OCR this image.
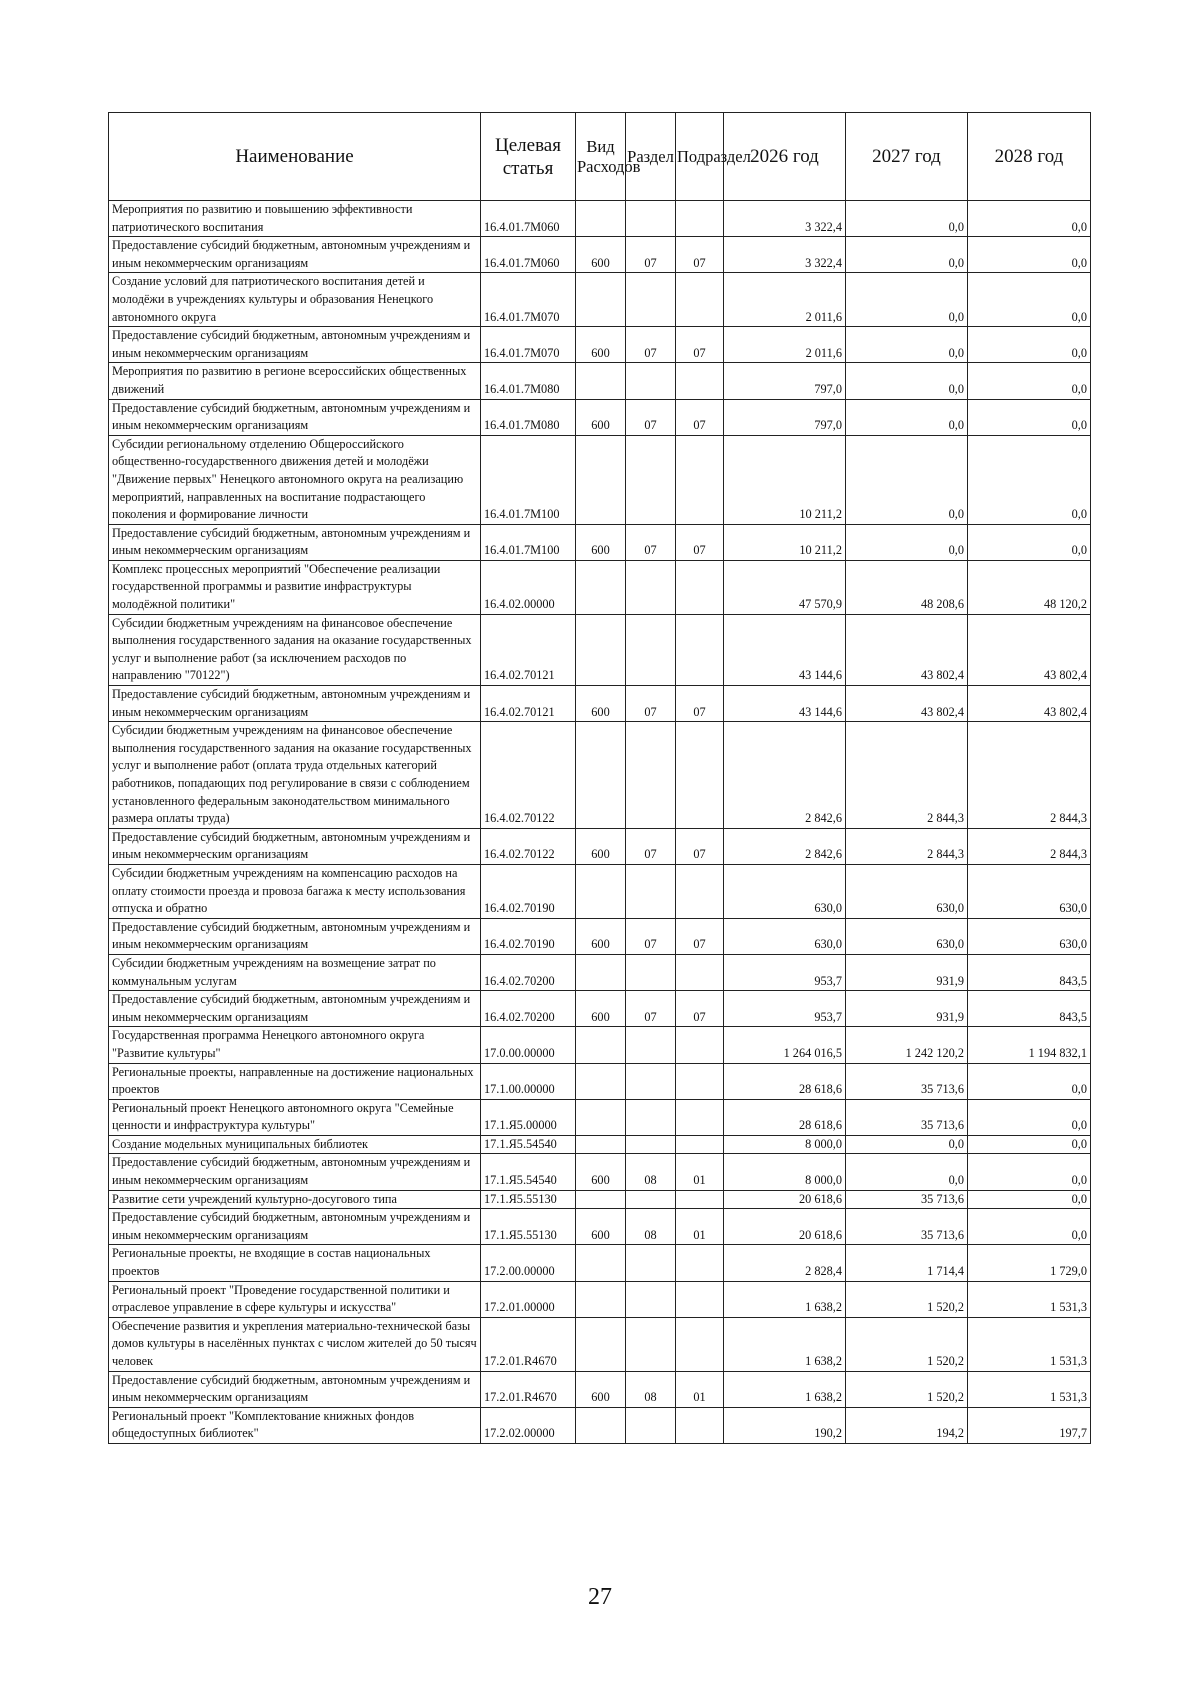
Наименование	Целевая статья	Вид Расходов	Раздел	Подраздел	2026 год	2027 год	2028 год
Мероприятия по развитию и повышению эффективности патриотического воспитания	16.4.01.7М060				3 322,4	0,0	0,0
Предоставление субсидий бюджетным, автономным учреждениям и иным некоммерческим организациям	16.4.01.7М060	600	07	07	3 322,4	0,0	0,0
Создание условий для патриотического воспитания детей и молодёжи в учреждениях культуры и образования Ненецкого автономного округа	16.4.01.7М070				2 011,6	0,0	0,0
Предоставление субсидий бюджетным, автономным учреждениям и иным некоммерческим организациям	16.4.01.7М070	600	07	07	2 011,6	0,0	0,0
Мероприятия по развитию в регионе всероссийских общественных движений	16.4.01.7М080				797,0	0,0	0,0
Предоставление субсидий бюджетным, автономным учреждениям и иным некоммерческим организациям	16.4.01.7М080	600	07	07	797,0	0,0	0,0
Субсидии региональному отделению Общероссийского общественно-государственного движения детей и молодёжи "Движение первых" Ненецкого автономного округа на реализацию мероприятий, направленных на воспитание подрастающего поколения и формирование личности	16.4.01.7М100				10 211,2	0,0	0,0
Предоставление субсидий бюджетным, автономным учреждениям и иным некоммерческим организациям	16.4.01.7М100	600	07	07	10 211,2	0,0	0,0
Комплекс процессных мероприятий "Обеспечение реализации государственной программы и развитие инфраструктуры молодёжной политики"	16.4.02.00000				47 570,9	48 208,6	48 120,2
Субсидии бюджетным учреждениям на финансовое обеспечение выполнения государственного задания на оказание государственных услуг и выполнение работ (за исключением расходов по направлению "70122")	16.4.02.70121				43 144,6	43 802,4	43 802,4
Предоставление субсидий бюджетным, автономным учреждениям и иным некоммерческим организациям	16.4.02.70121	600	07	07	43 144,6	43 802,4	43 802,4
Субсидии бюджетным учреждениям на финансовое обеспечение выполнения государственного задания на оказание государственных услуг и выполнение работ (оплата труда отдельных категорий работников, попадающих под регулирование в связи с соблюдением установленного федеральным законодательством минимального размера оплаты труда)	16.4.02.70122				2 842,6	2 844,3	2 844,3
Предоставление субсидий бюджетным, автономным учреждениям и иным некоммерческим организациям	16.4.02.70122	600	07	07	2 842,6	2 844,3	2 844,3
Субсидии бюджетным учреждениям на компенсацию расходов на оплату стоимости проезда и провоза багажа к месту использования отпуска и обратно	16.4.02.70190				630,0	630,0	630,0
Предоставление субсидий бюджетным, автономным учреждениям и иным некоммерческим организациям	16.4.02.70190	600	07	07	630,0	630,0	630,0
Субсидии бюджетным учреждениям на возмещение затрат по коммунальным услугам	16.4.02.70200				953,7	931,9	843,5
Предоставление субсидий бюджетным, автономным учреждениям и иным некоммерческим организациям	16.4.02.70200	600	07	07	953,7	931,9	843,5
Государственная программа Ненецкого автономного округа "Развитие культуры"	17.0.00.00000				1 264 016,5	1 242 120,2	1 194 832,1
Региональные проекты, направленные на достижение национальных проектов	17.1.00.00000				28 618,6	35 713,6	0,0
Региональный проект Ненецкого автономного округа "Семейные ценности и инфраструктура культуры"	17.1.Я5.00000				28 618,6	35 713,6	0,0
Создание модельных муниципальных библиотек	17.1.Я5.54540				8 000,0	0,0	0,0
Предоставление субсидий бюджетным, автономным учреждениям и иным некоммерческим организациям	17.1.Я5.54540	600	08	01	8 000,0	0,0	0,0
Развитие сети учреждений культурно-досугового типа	17.1.Я5.55130				20 618,6	35 713,6	0,0
Предоставление субсидий бюджетным, автономным учреждениям и иным некоммерческим организациям	17.1.Я5.55130	600	08	01	20 618,6	35 713,6	0,0
Региональные проекты, не входящие в состав национальных проектов	17.2.00.00000				2 828,4	1 714,4	1 729,0
Региональный проект "Проведение государственной политики и отраслевое управление в сфере культуры и искусства"	17.2.01.00000				1 638,2	1 520,2	1 531,3
Обеспечение развития и укрепления материально-технической базы домов культуры в населённых пунктах с числом жителей до 50 тысяч человек	17.2.01.R4670				1 638,2	1 520,2	1 531,3
Предоставление субсидий бюджетным, автономным учреждениям и иным некоммерческим организациям	17.2.01.R4670	600	08	01	1 638,2	1 520,2	1 531,3
Региональный проект "Комплектование книжных фондов общедоступных библиотек"	17.2.02.00000				190,2	194,2	197,7
27
